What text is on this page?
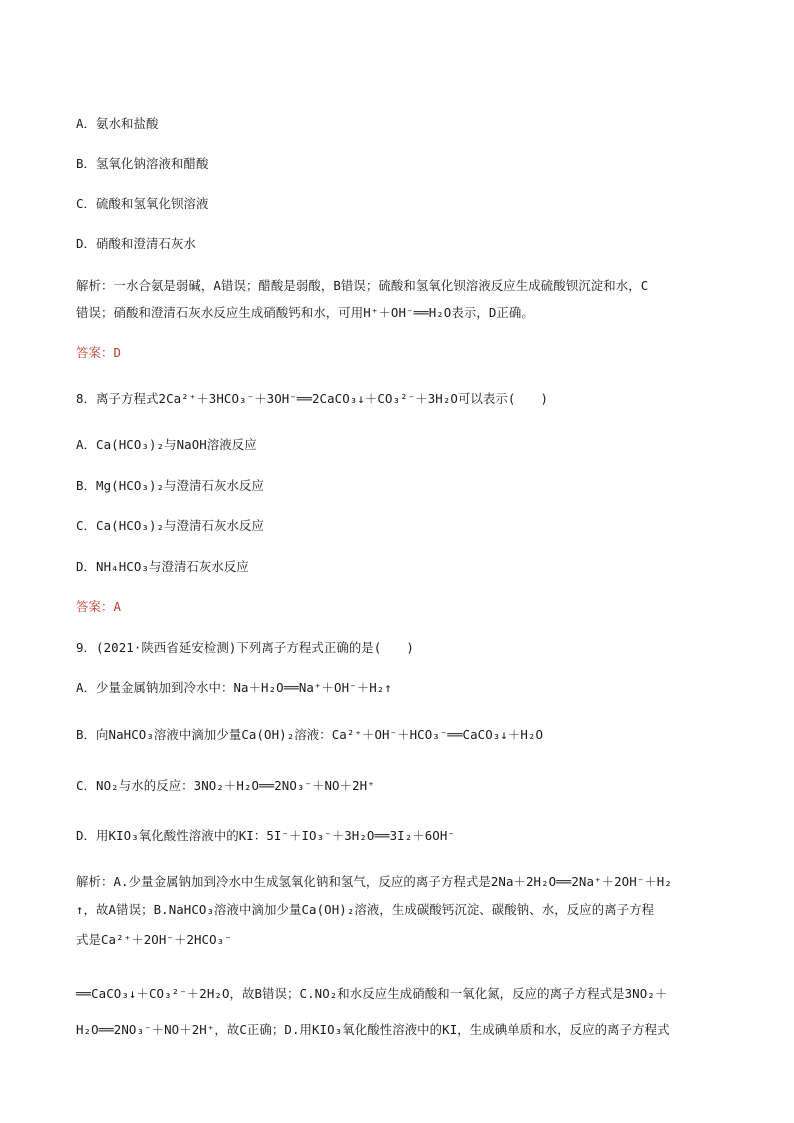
A．氨水和盐酸
B．氢氧化钠溶液和醋酸
C．硫酸和氢氧化钡溶液
D．硝酸和澄清石灰水
解析：一水合氨是弱碱，A错误；醋酸是弱酸，B错误；硫酸和氢氧化钡溶液反应生成硫酸钡沉淀和水，C
错误；硝酸和澄清石灰水反应生成硝酸钙和水，可用H⁺＋OH⁻══H₂O表示，D正确。
答案：D
8．离子方程式2Ca²⁺＋3HCO₃⁻＋3OH⁻══2CaCO₃↓＋CO₃²⁻＋3H₂O可以表示(　　)
A．Ca(HCO₃)₂与NaOH溶液反应
B．Mg(HCO₃)₂与澄清石灰水反应
C．Ca(HCO₃)₂与澄清石灰水反应
D．NH₄HCO₃与澄清石灰水反应
答案：A
9．(2021·陕西省延安检测)下列离子方程式正确的是(　　)
A．少量金属钠加到冷水中：Na＋H₂O══Na⁺＋OH⁻＋H₂↑
B．向NaHCO₃溶液中滴加少量Ca(OH)₂溶液：Ca²⁺＋OH⁻＋HCO₃⁻══CaCO₃↓＋H₂O
C．NO₂与水的反应：3NO₂＋H₂O══2NO₃⁻＋NO＋2H⁺
D．用KIO₃氧化酸性溶液中的KI：5I⁻＋IO₃⁻＋3H₂O══3I₂＋6OH⁻
解析：A.少量金属钠加到冷水中生成氢氧化钠和氢气，反应的离子方程式是2Na＋2H₂O══2Na⁺＋2OH⁻＋H₂
↑，故A错误；B.NaHCO₃溶液中滴加少量Ca(OH)₂溶液，生成碳酸钙沉淀、碳酸钠、水，反应的离子方程
式是Ca²⁺＋2OH⁻＋2HCO₃⁻
══CaCO₃↓＋CO₃²⁻＋2H₂O，故B错误；C.NO₂和水反应生成硝酸和一氧化氮，反应的离子方程式是3NO₂＋
H₂O══2NO₃⁻＋NO＋2H⁺，故C正确；D.用KIO₃氧化酸性溶液中的KI，生成碘单质和水，反应的离子方程式
